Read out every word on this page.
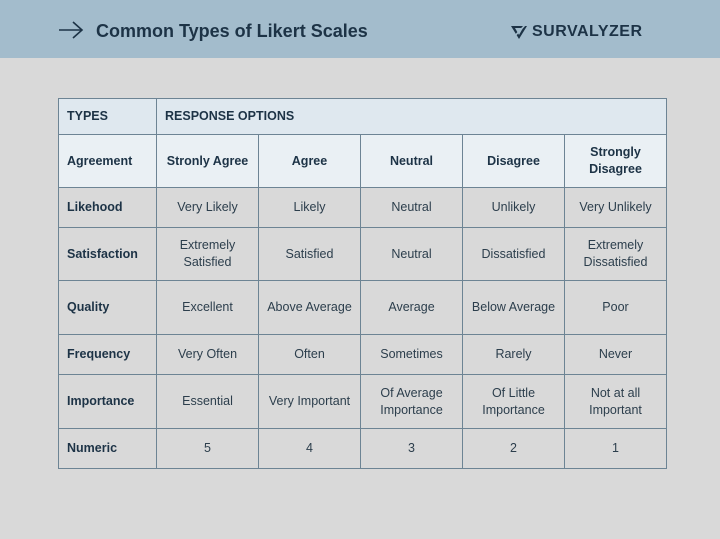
Common Types of Likert Scales	SURVALYZER
TYPES	RESPONSE OPTIONS				
Agreement	Stronly Agree	Agree	Neutral	Disagree	Strongly Disagree
Likehood	Very Likely	Likely	Neutral	Unlikely	Very Unlikely
Satisfaction	Extremely Satisfied	Satisfied	Neutral	Dissatisfied	Extremely Dissatisfied
Quality	Excellent	Above Average	Average	Below Average	Poor
Frequency	Very Often	Often	Sometimes	Rarely	Never
Importance	Essential	Very Important	Of Average Importance	Of Little Importance	Not at all Important
Numeric	5	4	3	2	1
